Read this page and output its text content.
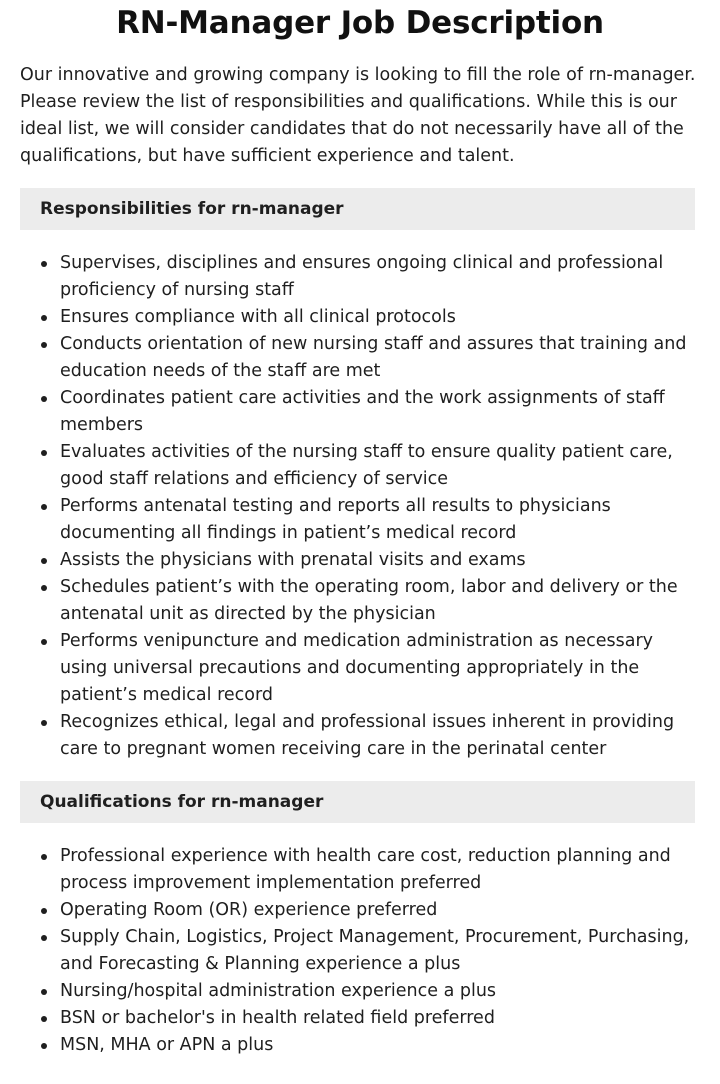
RN-Manager Job Description

Our innovative and growing company is looking to fill the role of rn-manager. Please review the list of responsibilities and qualifications. While this is our ideal list, we will consider candidates that do not necessarily have all of the qualifications, but have sufficient experience and talent.

Responsibilities for rn-manager
Supervises, disciplines and ensures ongoing clinical and professional proficiency of nursing staff
Ensures compliance with all clinical protocols
Conducts orientation of new nursing staff and assures that training and education needs of the staff are met
Coordinates patient care activities and the work assignments of staff members
Evaluates activities of the nursing staff to ensure quality patient care, good staff relations and efficiency of service
Performs antenatal testing and reports all results to physicians documenting all findings in patient’s medical record
Assists the physicians with prenatal visits and exams
Schedules patient’s with the operating room, labor and delivery or the antenatal unit as directed by the physician
Performs venipuncture and medication administration as necessary using universal precautions and documenting appropriately in the patient’s medical record
Recognizes ethical, legal and professional issues inherent in providing care to pregnant women receiving care in the perinatal center
Qualifications for rn-manager
Professional experience with health care cost, reduction planning and process improvement implementation preferred
Operating Room (OR) experience preferred
Supply Chain, Logistics, Project Management, Procurement, Purchasing, and Forecasting & Planning experience a plus
Nursing/hospital administration experience a plus
BSN or bachelor's in health related field preferred
MSN, MHA or APN a plus
